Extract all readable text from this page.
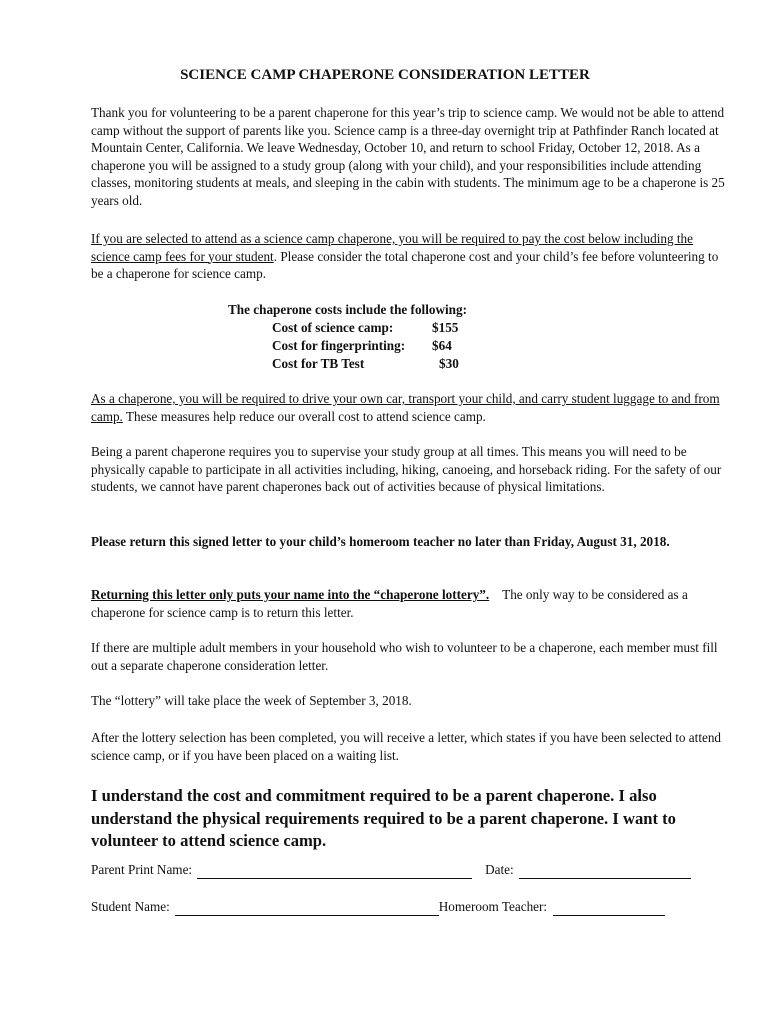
SCIENCE CAMP CHAPERONE CONSIDERATION LETTER

Thank you for volunteering to be a parent chaperone for this year’s trip to science camp. We would not be able to attend camp without the support of parents like you. Science camp is a three-day overnight trip at Pathfinder Ranch located at Mountain Center, California. We leave Wednesday, October 10, and return to school Friday, October 12, 2018. As a chaperone you will be assigned to a study group (along with your child), and your responsibilities include attending classes, monitoring students at meals, and sleeping in the cabin with students. The minimum age to be a chaperone is 25 years old.

If you are selected to attend as a science camp chaperone, you will be required to pay the cost below including the science camp fees for your student. Please consider the total chaperone cost and your child’s fee before volunteering to be a chaperone for science camp.

The chaperone costs include the following:
Cost of science camp:	$155
Cost for fingerprinting:	$64
Cost for TB Test	$30

As a chaperone, you will be required to drive your own car, transport your child, and carry student luggage to and from camp. These measures help reduce our overall cost to attend science camp.

Being a parent chaperone requires you to supervise your study group at all times. This means you will need to be physically capable to participate in all activities including, hiking, canoeing, and horseback riding. For the safety of our students, we cannot have parent chaperones back out of activities because of physical limitations.

Please return this signed letter to your child’s homeroom teacher no later than Friday, August 31, 2018.

Returning this letter only puts your name into the “chaperone lottery”.    The only way to be considered as a chaperone for science camp is to return this letter.

If there are multiple adult members in your household who wish to volunteer to be a chaperone, each member must fill out a separate chaperone consideration letter.

The “lottery” will take place the week of September 3, 2018.

After the lottery selection has been completed, you will receive a letter, which states if you have been selected to attend science camp, or if you have been placed on a waiting list.

I understand the cost and commitment required to be a parent chaperone. I also understand the physical requirements required to be a parent chaperone. I want to volunteer to attend science camp.

Parent Print Name:	Date:
Student Name:	Homeroom Teacher:
